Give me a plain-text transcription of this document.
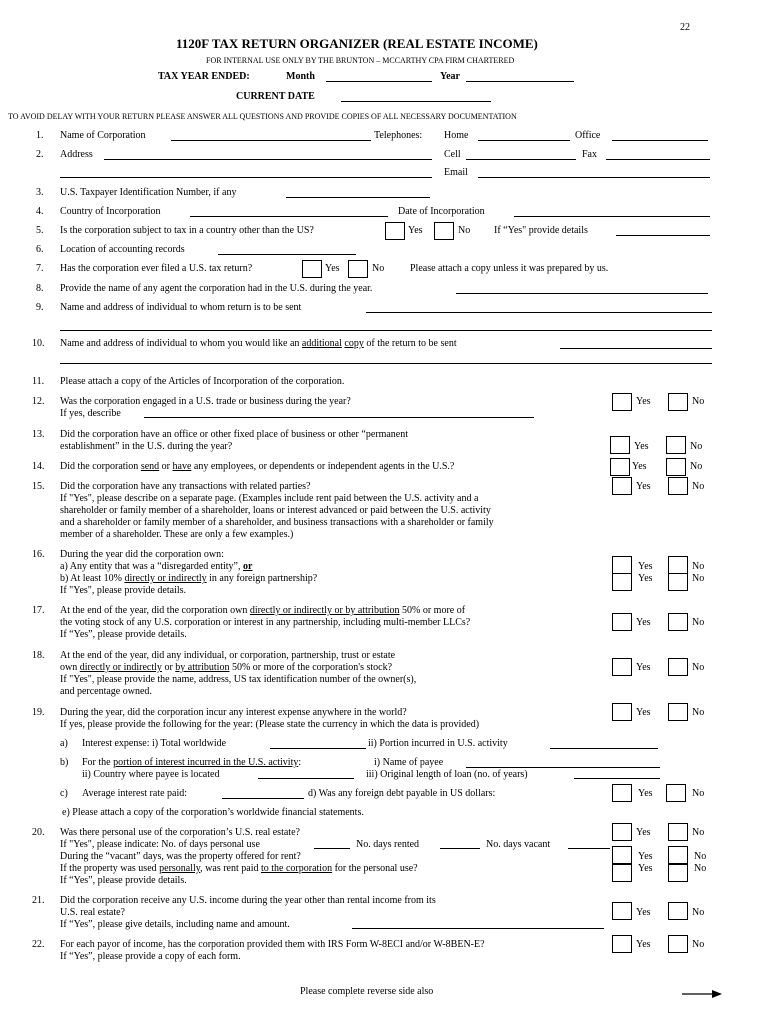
22
1120F TAX RETURN ORGANIZER (REAL ESTATE INCOME)
FOR INTERNAL USE ONLY BY THE BRUNTON – MCCARTHY CPA FIRM CHARTERED
TAX YEAR ENDED:	Month	Year
CURRENT DATE
TO AVOID DELAY WITH YOUR RETURN PLEASE ANSWER ALL QUESTIONS AND PROVIDE COPIES OF ALL NECESSARY DOCUMENTATION
1. Name of Corporation	Telephones: Home	Office
2. Address	Cell	Fax
Email
3. U.S. Taxpayer Identification Number, if any
4. Country of Incorporation	Date of Incorporation
5. Is the corporation subject to tax in a country other than the US?	Yes	No If “Yes" provide details
6. Location of accounting records
7. Has the corporation ever filed a U.S. tax return?	Yes	No	Please attach a copy unless it was prepared by us.
8. Provide the name of any agent the corporation had in the U.S. during the year.
9. Name and address of individual to whom return is to be sent
10. Name and address of individual to whom you would like an additional copy of the return to be sent
11. Please attach a copy of the Articles of Incorporation of the corporation.
12. Was the corporation engaged in a U.S. trade or business during the year?
If yes, describe
Yes	No
13. Did the corporation have an office or other fixed place of business or other “permanent
establishment” in the U.S. during the year?	Yes	No
14. Did the corporation send or have any employees, or dependents or independent agents in the U.S.?	Yes	No
15. Did the corporation have any transactions with related parties?
If "Yes", please describe on a separate page. (Examples include rent paid between the U.S. activity and a
shareholder or family member of a shareholder, loans or interest advanced or paid between the U.S. activity
and a shareholder or family member of a shareholder, and business transactions with a shareholder or family
member of a shareholder. These are only a few examples.)
Yes	No
16. During the year did the corporation own:
a) Any entity that was a “disregarded entity”, or
b) At least 10% directly or indirectly in any foreign partnership?
If "Yes", please provide details.
Yes	No
Yes	No
17. At the end of the year, did the corporation own directly or indirectly or by attribution 50% or more of
the voting stock of any U.S. corporation or interest in any partnership, including multi-member LLCs?
If “Yes”, please provide details.
Yes	No
18. At the end of the year, did any individual, or corporation, partnership, trust or estate
own directly or indirectly or by attribution 50% or more of the corporation's stock?
If "Yes", please provide the name, address, US tax identification number of the owner(s),
and percentage owned.
Yes	No
19. During the year, did the corporation incur any interest expense anywhere in the world?
If yes, please provide the following for the year: (Please state the currency in which the data is provided)
Yes	No
a) Interest expense: i) Total worldwide	ii) Portion incurred in U.S. activity
b) For the portion of interest incurred in the U.S. activity:	i) Name of payee
ii) Country where payee is located	iii) Original length of loan (no. of years)
c) Average interest rate paid:	d) Was any foreign debt payable in US dollars:	Yes	No
e) Please attach a copy of the corporation’s worldwide financial statements.
20. Was there personal use of the corporation’s U.S. real estate?
If "Yes", please indicate: No. of days personal use	No. days rented	No. days vacant
During the “vacant” days, was the property offered for rent?
If the property was used personally, was rent paid to the corporation for the personal use?
If “Yes”, please provide details.
Yes	No
Yes	No
Yes	No
21. Did the corporation receive any U.S. income during the year other than rental income from its
U.S. real estate?
If “Yes”, please give details, including name and amount.
Yes	No
22. For each payor of income, has the corporation provided them with IRS Form W-8ECI and/or W-8BEN-E?
If “Yes”, please provide a copy of each form.
Yes	No
Please complete reverse side also
